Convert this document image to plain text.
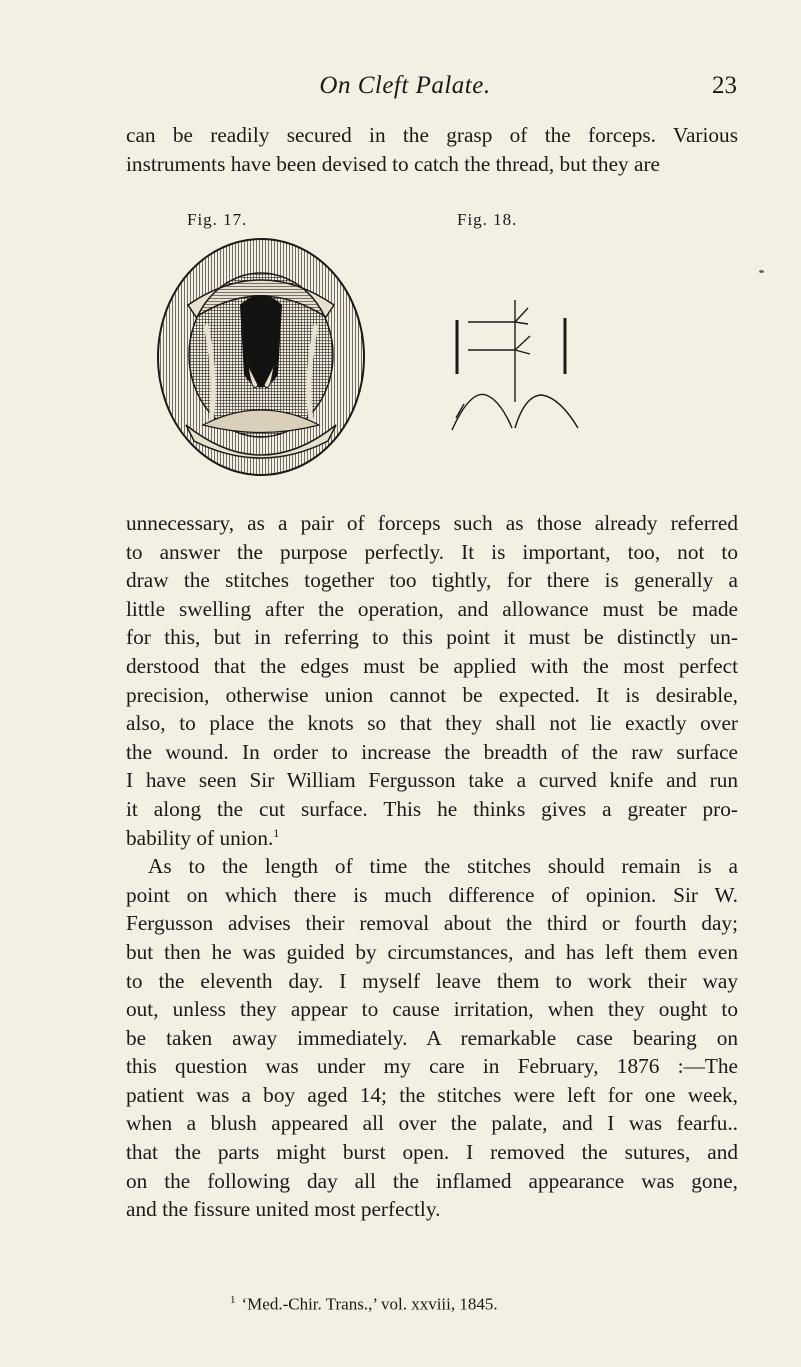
On Cleft Palate.	23
can be readily secured in the grasp of the forceps. Various
instruments have been devised to catch the thread, but they are
Fig. 17.	Fig. 18.
unnecessary, as a pair of forceps such as those already referred
to answer the purpose perfectly. It is important, too, not to
draw the stitches together too tightly, for there is generally a
little swelling after the operation, and allowance must be made
for this, but in referring to this point it must be distinctly un-
derstood that the edges must be applied with the most perfect
precision, otherwise union cannot be expected. It is desirable,
also, to place the knots so that they shall not lie exactly over
the wound. In order to increase the breadth of the raw surface
I have seen Sir William Fergusson take a curved knife and run
it along the cut surface. This he thinks gives a greater pro-
bability of union.$^1$
As to the length of time the stitches should remain is a
point on which there is much difference of opinion. Sir W.
Fergusson advises their removal about the third or fourth day;
but then he was guided by circumstances, and has left them even
to the eleventh day. I myself leave them to work their way
out, unless they appear to cause irritation, when they ought to
be taken away immediately. A remarkable case bearing on
this question was under my care in February, 1876 :—The
patient was a boy aged 14; the stitches were left for one week,
when a blush appeared all over the palate, and I was fearfu..
that the parts might burst open. I removed the sutures, and
on the following day all the inflamed appearance was gone,
and the fissure united most perfectly.
$^1$ ‘Med.-Chir. Trans.,’ vol. xxviii, 1845.
